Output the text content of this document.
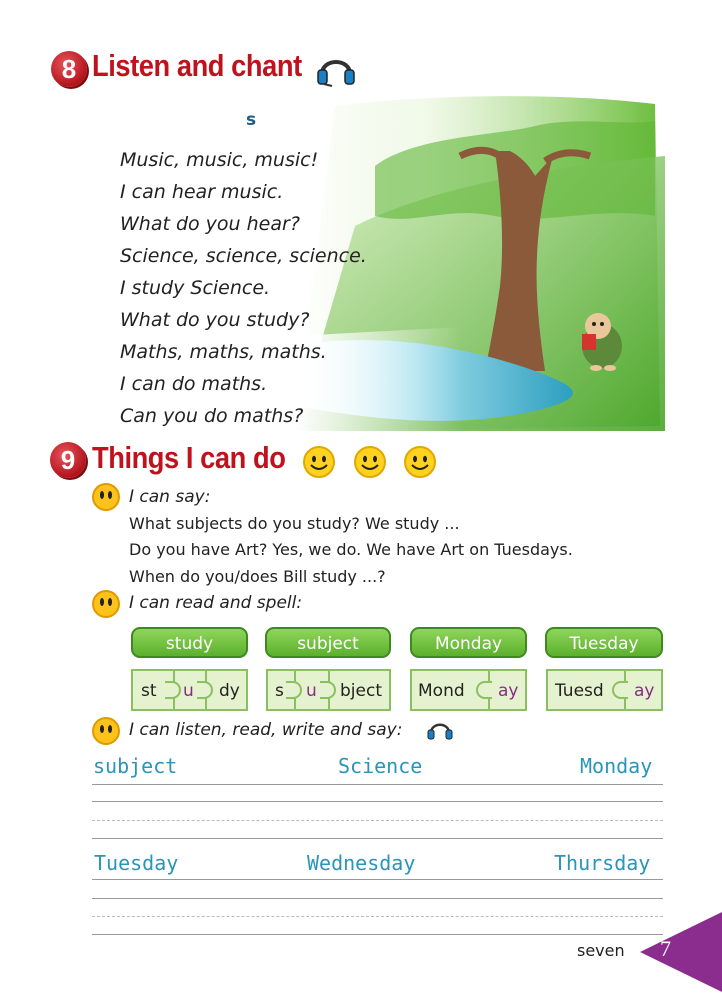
8 Listen and chant
s
Music, music, music!
I can hear music.
What do you hear?
Science, science, science.
I study Science.
What do you study?
Maths, maths, maths.
I can do maths.
Can you do maths?
9 Things I can do
I can say:
What subjects do you study? We study ...
Do you have Art? Yes, we do. We have Art on Tuesdays.
When do you/does Bill study ...?
I can read and spell:
study	subject	Monday	Tuesday
st u dy s u bject Mond ay Tuesd ay
I can listen, read, write and say:
subject	Science	Monday
Tuesday	Wednesday	Thursday
seven 7
